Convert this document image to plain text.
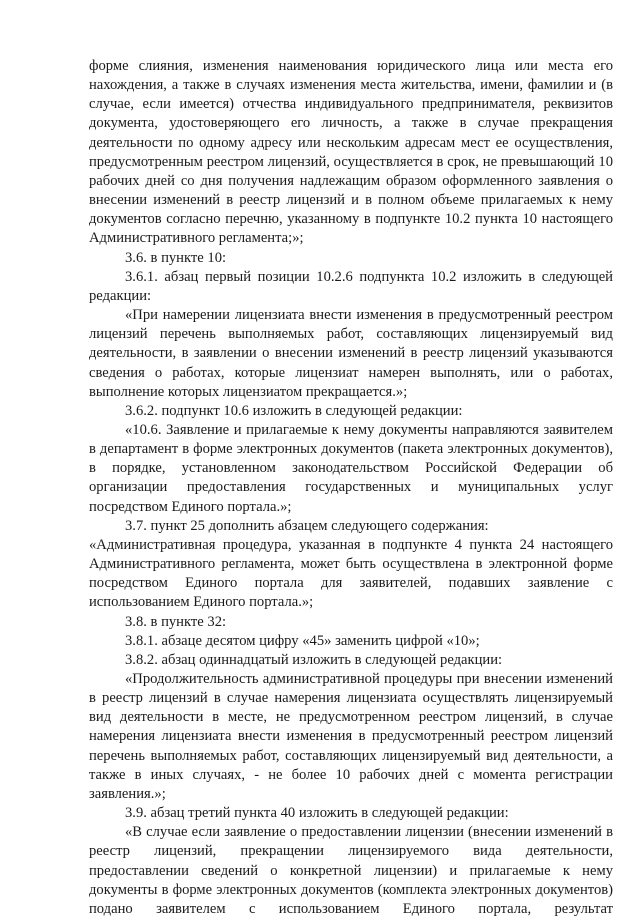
форме слияния, изменения наименования юридического лица или места его нахождения, а также в случаях изменения места жительства, имени, фамилии и (в случае, если имеется) отчества индивидуального предпринимателя, реквизитов документа, удостоверяющего его личность, а также в случае прекращения деятельности по одному адресу или нескольким адресам мест ее осуществления, предусмотренным реестром лицензий, осуществляется в срок, не превышающий 10 рабочих дней со дня получения надлежащим образом оформленного заявления о внесении изменений в реестр лицензий и в полном объеме прилагаемых к нему документов согласно перечню, указанному в подпункте 10.2 пункта 10 настоящего Административного регламента;»;

3.6. в пункте 10:

3.6.1. абзац первый позиции 10.2.6 подпункта 10.2 изложить в следующей редакции:

«При намерении лицензиата внести изменения в предусмотренный реестром лицензий перечень выполняемых работ, составляющих лицензируемый вид деятельности, в заявлении о внесении изменений в реестр лицензий указываются сведения о работах, которые лицензиат намерен выполнять, или о работах, выполнение которых лицензиатом прекращается.»;

3.6.2. подпункт 10.6 изложить в следующей редакции:

«10.6. Заявление и прилагаемые к нему документы направляются заявителем в департамент в форме электронных документов (пакета электронных документов), в порядке, установленном законодательством Российской Федерации об организации предоставления государственных и муниципальных услуг посредством Единого портала.»;

3.7. пункт 25 дополнить абзацем следующего содержания:

«Административная процедура, указанная в подпункте 4 пункта 24 настоящего Административного регламента, может быть осуществлена в электронной форме посредством Единого портала для заявителей, подавших заявление с использованием Единого портала.»;

3.8. в пункте 32:

3.8.1. абзаце десятом цифру «45» заменить цифрой «10»;

3.8.2. абзац одиннадцатый изложить в следующей редакции:

«Продолжительность административной процедуры при внесении изменений в реестр лицензий в случае намерения лицензиата осуществлять лицензируемый вид деятельности в месте, не предусмотренном реестром лицензий, в случае намерения лицензиата внести изменения в предусмотренный реестром лицензий перечень выполняемых работ, составляющих лицензируемый вид деятельности, а также в иных случаях, - не более 10 рабочих дней с момента регистрации заявления.»;

3.9. абзац третий пункта 40 изложить в следующей редакции:

«В случае если заявление о предоставлении лицензии (внесении изменений в реестр лицензий, прекращении лицензируемого вида деятельности, предоставлении сведений о конкретной лицензии) и прилагаемые к нему документы в форме электронных документов (комплекта электронных документов) подано заявителем с использованием Единого портала, результат
